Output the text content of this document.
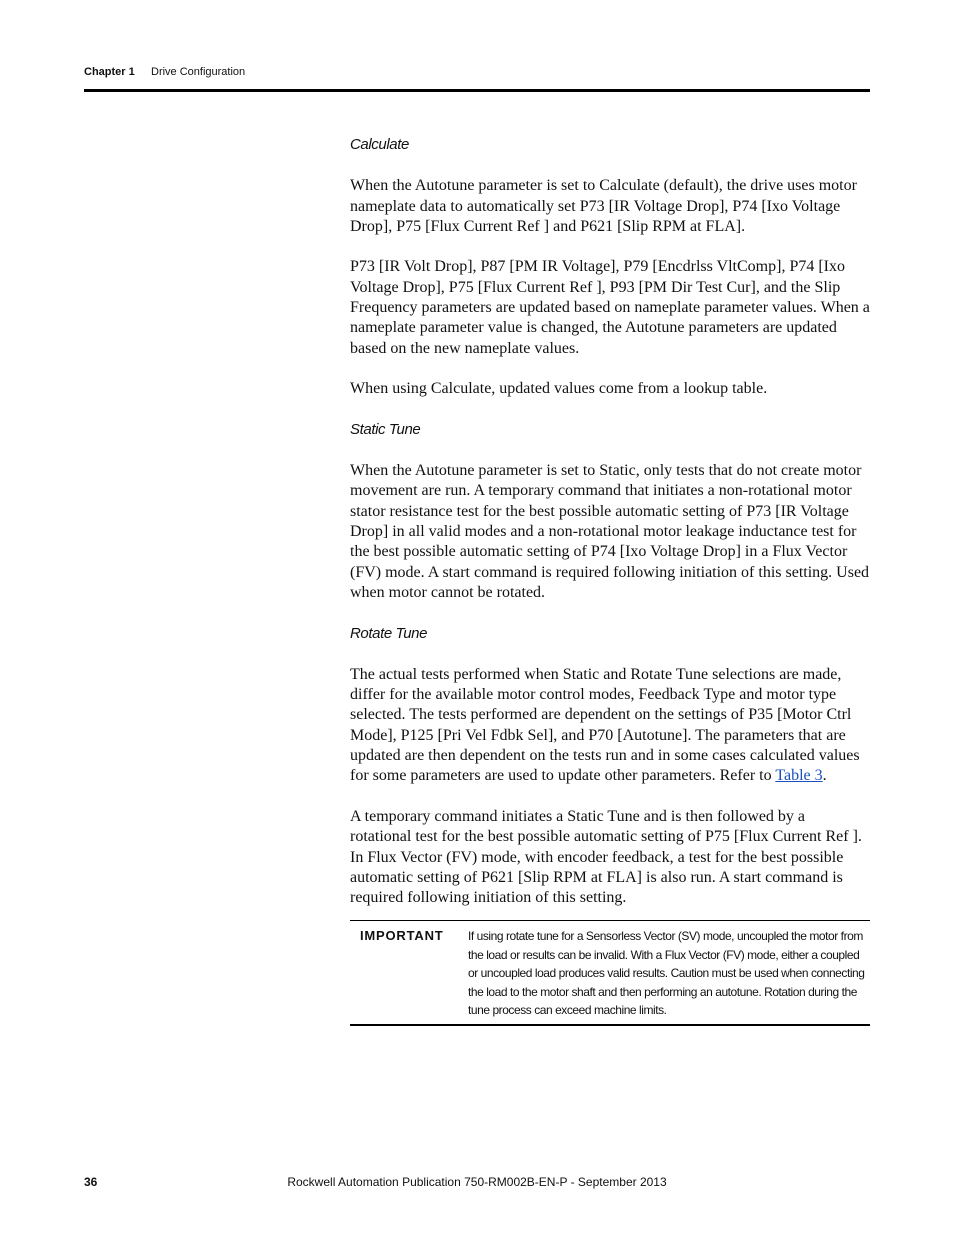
Chapter 1 Drive Configuration

Calculate

When the Autotune parameter is set to Calculate (default), the drive uses motor nameplate data to automatically set P73 [IR Voltage Drop], P74 [Ixo Voltage Drop], P75 [Flux Current Ref ] and P621 [Slip RPM at FLA].

P73 [IR Volt Drop], P87 [PM IR Voltage], P79 [Encdrlss VltComp], P74 [Ixo Voltage Drop], P75 [Flux Current Ref ], P93 [PM Dir Test Cur], and the Slip Frequency parameters are updated based on nameplate parameter values. When a nameplate parameter value is changed, the Autotune parameters are updated based on the new nameplate values.

When using Calculate, updated values come from a lookup table.

Static Tune

When the Autotune parameter is set to Static, only tests that do not create motor movement are run. A temporary command that initiates a non-rotational motor stator resistance test for the best possible automatic setting of P73 [IR Voltage Drop] in all valid modes and a non-rotational motor leakage inductance test for the best possible automatic setting of P74 [Ixo Voltage Drop] in a Flux Vector (FV) mode. A start command is required following initiation of this setting. Used when motor cannot be rotated.

Rotate Tune

The actual tests performed when Static and Rotate Tune selections are made, differ for the available motor control modes, Feedback Type and motor type selected. The tests performed are dependent on the settings of P35 [Motor Ctrl Mode], P125 [Pri Vel Fdbk Sel], and P70 [Autotune]. The parameters that are updated are then dependent on the tests run and in some cases calculated values for some parameters are used to update other parameters. Refer to Table 3.

A temporary command initiates a Static Tune and is then followed by a rotational test for the best possible automatic setting of P75 [Flux Current Ref ]. In Flux Vector (FV) mode, with encoder feedback, a test for the best possible automatic setting of P621 [Slip RPM at FLA] is also run. A start command is required following initiation of this setting.

IMPORTANT If using rotate tune for a Sensorless Vector (SV) mode, uncoupled the motor from the load or results can be invalid. With a Flux Vector (FV) mode, either a coupled or uncoupled load produces valid results. Caution must be used when connecting the load to the motor shaft and then performing an autotune. Rotation during the tune process can exceed machine limits.
36	Rockwell Automation Publication 750-RM002B-EN-P - September 2013
